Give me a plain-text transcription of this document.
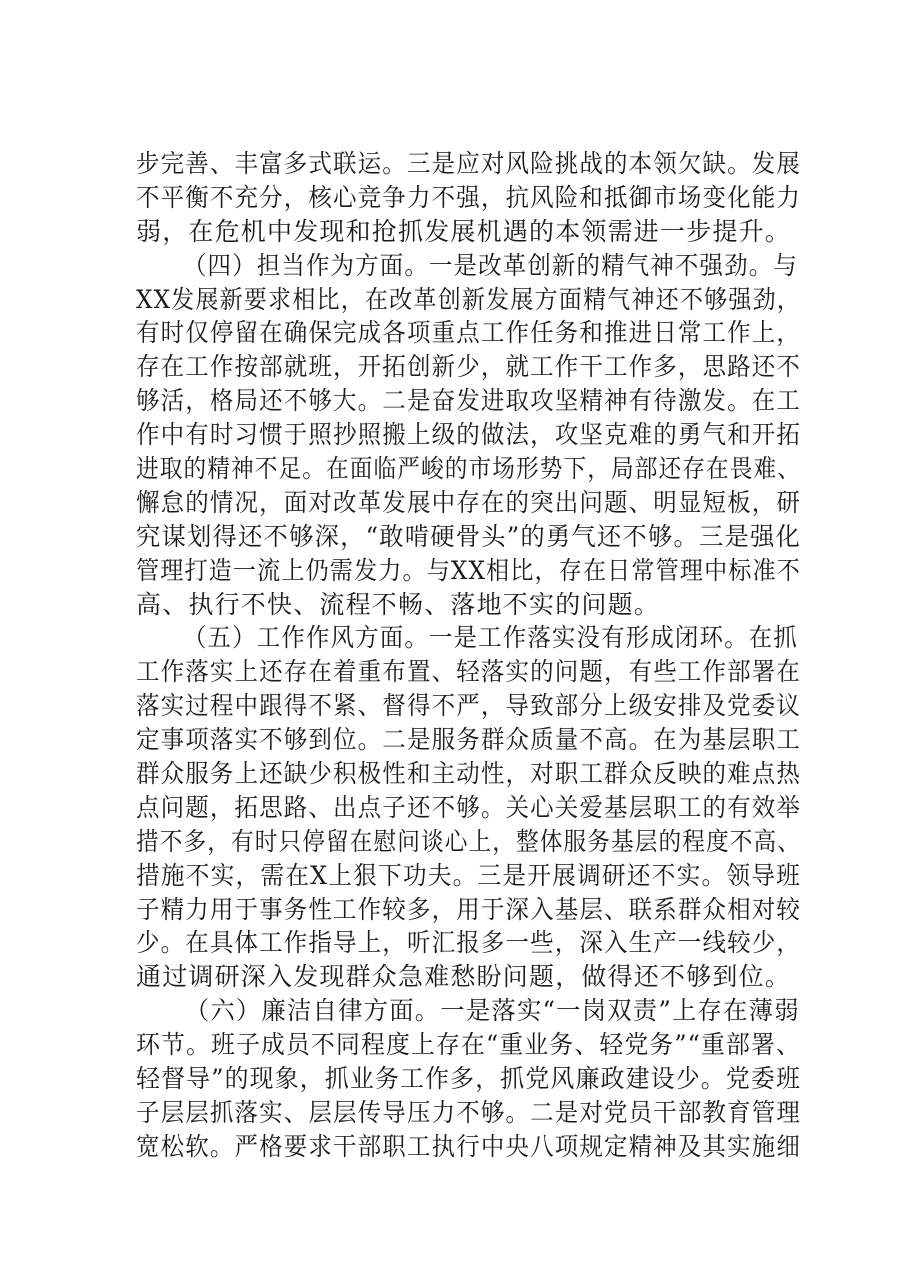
步完善、丰富多式联运。三是应对风险挑战的本领欠缺。发展
不平衡不充分，核心竞争力不强，抗风险和抵御市场变化能力
弱，在危机中发现和抢抓发展机遇的本领需进一步提升。
（四）担当作为方面。一是改革创新的精气神不强劲。与
XX发展新要求相比，在改革创新发展方面精气神还不够强劲，
有时仅停留在确保完成各项重点工作任务和推进日常工作上，
存在工作按部就班，开拓创新少，就工作干工作多，思路还不
够活，格局还不够大。二是奋发进取攻坚精神有待激发。在工
作中有时习惯于照抄照搬上级的做法，攻坚克难的勇气和开拓
进取的精神不足。在面临严峻的市场形势下，局部还存在畏难、
懈怠的情况，面对改革发展中存在的突出问题、明显短板，研
究谋划得还不够深，“敢啃硬骨头”的勇气还不够。三是强化
管理打造一流上仍需发力。与XX相比，存在日常管理中标准不
高、执行不快、流程不畅、落地不实的问题。
（五）工作作风方面。一是工作落实没有形成闭环。在抓
工作落实上还存在着重布置、轻落实的问题，有些工作部署在
落实过程中跟得不紧、督得不严，导致部分上级安排及党委议
定事项落实不够到位。二是服务群众质量不高。在为基层职工
群众服务上还缺少积极性和主动性，对职工群众反映的难点热
点问题，拓思路、出点子还不够。关心关爱基层职工的有效举
措不多，有时只停留在慰问谈心上，整体服务基层的程度不高、
措施不实，需在X上狠下功夫。三是开展调研还不实。领导班
子精力用于事务性工作较多，用于深入基层、联系群众相对较
少。在具体工作指导上，听汇报多一些，深入生产一线较少，
通过调研深入发现群众急难愁盼问题，做得还不够到位。
（六）廉洁自律方面。一是落实“一岗双责”上存在薄弱
环节。班子成员不同程度上存在“重业务、轻党务”“重部署、
轻督导”的现象，抓业务工作多，抓党风廉政建设少。党委班
子层层抓落实、层层传导压力不够。二是对党员干部教育管理
宽松软。严格要求干部职工执行中央八项规定精神及其实施细
